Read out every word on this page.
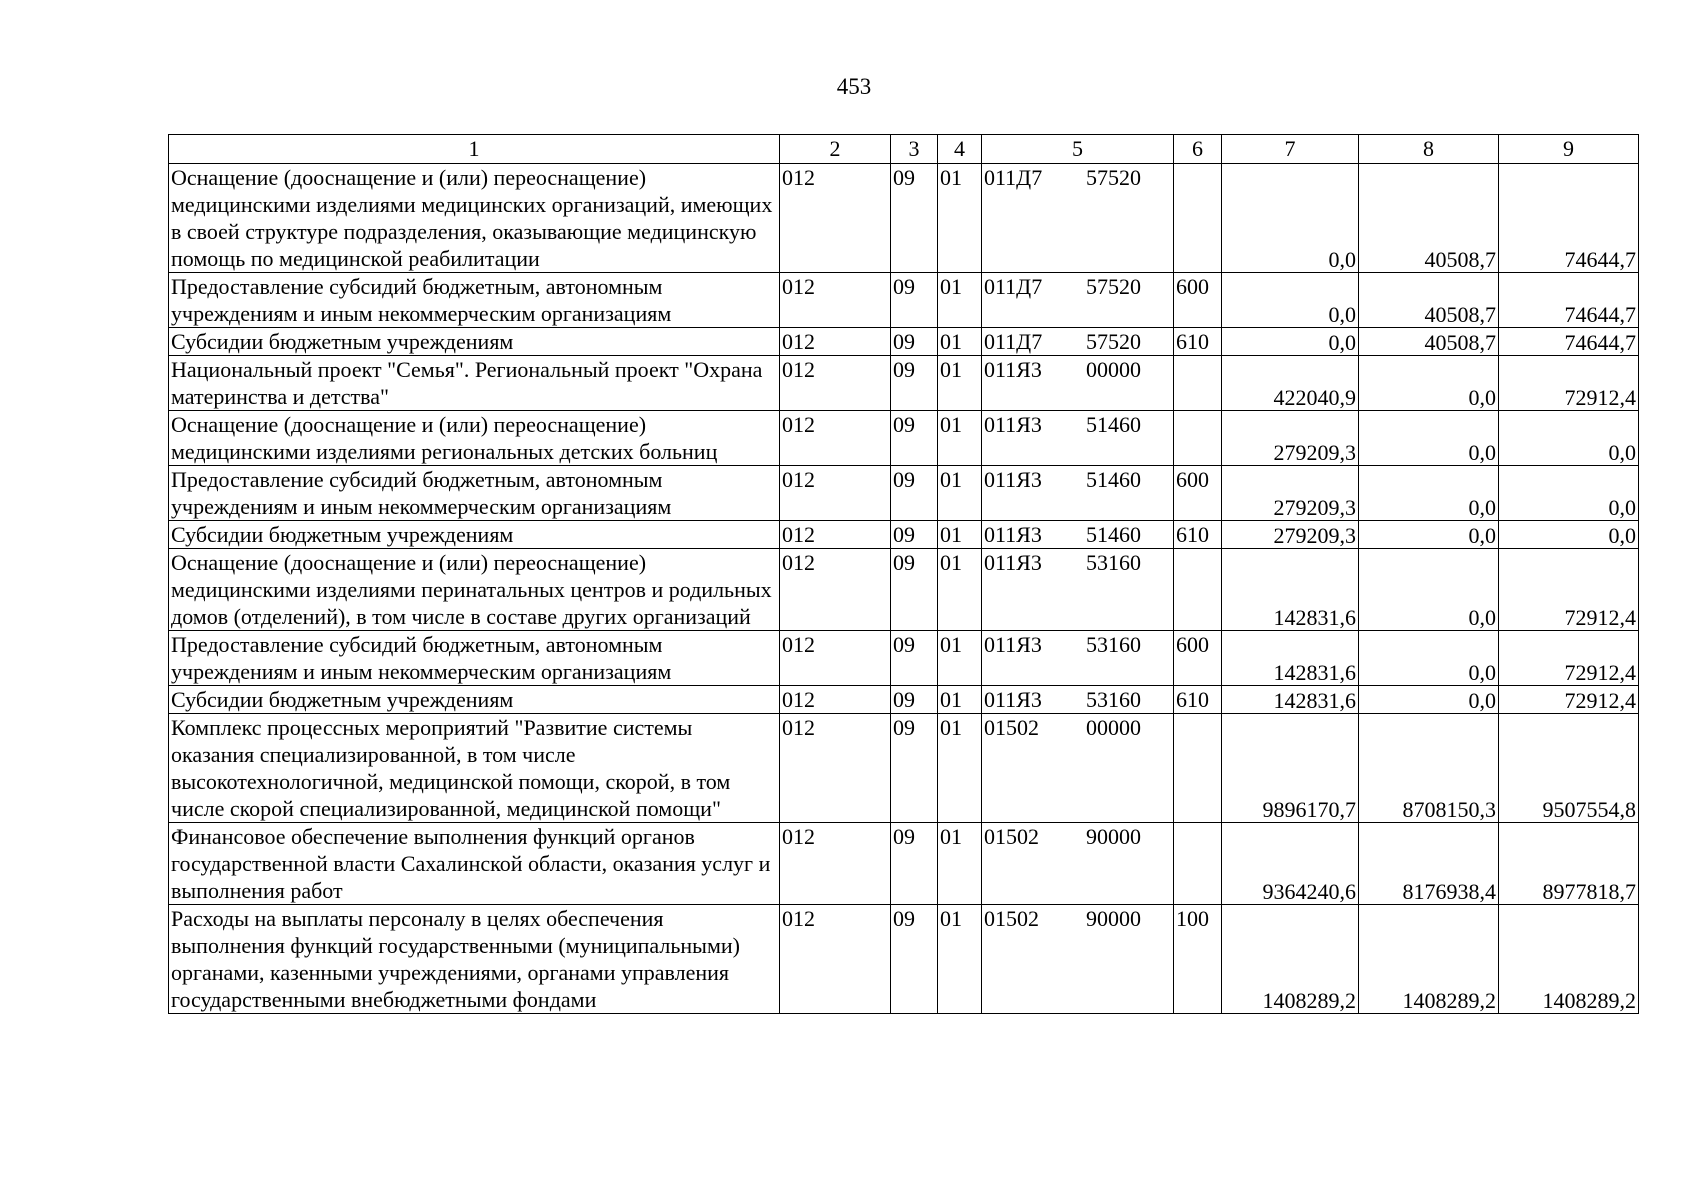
453
1	2	3	4	5	6	7	8	9
Оснащение (дооснащение и (или) переоснащение) медицинскими изделиями медицинских организаций, имеющих в своей структуре подразделения, оказывающие медицинскую помощь по медицинской реабилитации	012	09	01	011Д7 57520		0,0	40508,7	74644,7
Предоставление субсидий бюджетным, автономным учреждениям и иным некоммерческим организациям	012	09	01	011Д7 57520	600	0,0	40508,7	74644,7
Субсидии бюджетным учреждениям	012	09	01	011Д7 57520	610	0,0	40508,7	74644,7
Национальный проект "Семья". Региональный проект "Охрана материнства и детства"	012	09	01	011Я3 00000		422040,9	0,0	72912,4
Оснащение (дооснащение и (или) переоснащение) медицинскими изделиями региональных детских больниц	012	09	01	011Я3 51460		279209,3	0,0	0,0
Предоставление субсидий бюджетным, автономным учреждениям и иным некоммерческим организациям	012	09	01	011Я3 51460	600	279209,3	0,0	0,0
Субсидии бюджетным учреждениям	012	09	01	011Я3 51460	610	279209,3	0,0	0,0
Оснащение (дооснащение и (или) переоснащение) медицинскими изделиями перинатальных центров и родильных домов (отделений), в том числе в составе других организаций	012	09	01	011Я3 53160		142831,6	0,0	72912,4
Предоставление субсидий бюджетным, автономным учреждениям и иным некоммерческим организациям	012	09	01	011Я3 53160	600	142831,6	0,0	72912,4
Субсидии бюджетным учреждениям	012	09	01	011Я3 53160	610	142831,6	0,0	72912,4
Комплекс процессных мероприятий "Развитие системы оказания специализированной, в том числе высокотехнологичной, медицинской помощи, скорой, в том числе скорой специализированной, медицинской помощи"	012	09	01	01502 00000		9896170,7	8708150,3	9507554,8
Финансовое обеспечение выполнения функций органов государственной власти Сахалинской области, оказания услуг и выполнения работ	012	09	01	01502 90000		9364240,6	8176938,4	8977818,7
Расходы на выплаты персоналу в целях обеспечения выполнения функций государственными (муниципальными) органами, казенными учреждениями, органами управления государственными внебюджетными фондами	012	09	01	01502 90000	100	1408289,2	1408289,2	1408289,2
